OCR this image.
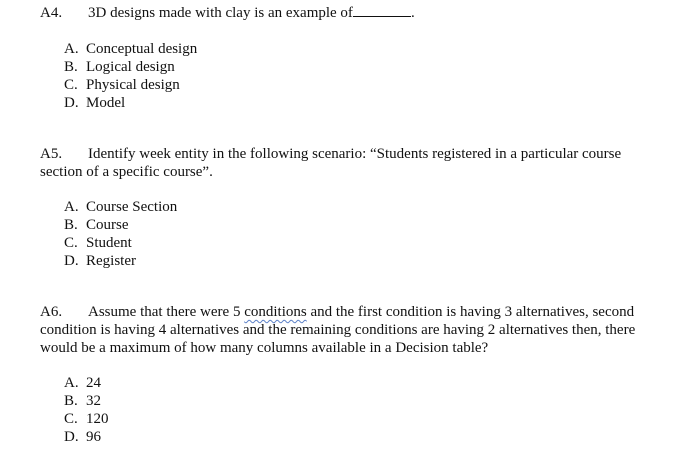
A4. 3D designs made with clay is an example of	.

A. Conceptual design
B. Logical design
C. Physical design
D. Model

A5. Identify week entity in the following scenario: “Students registered in a particular course section of a specific course”.

A. Course Section
B. Course
C. Student
D. Register

A6. Assume that there were 5 conditions and the first condition is having 3 alternatives, second condition is having 4 alternatives and the remaining conditions are having 2 alternatives then, there would be a maximum of how many columns available in a Decision table?

A. 24
B. 32
C. 120
D. 96
